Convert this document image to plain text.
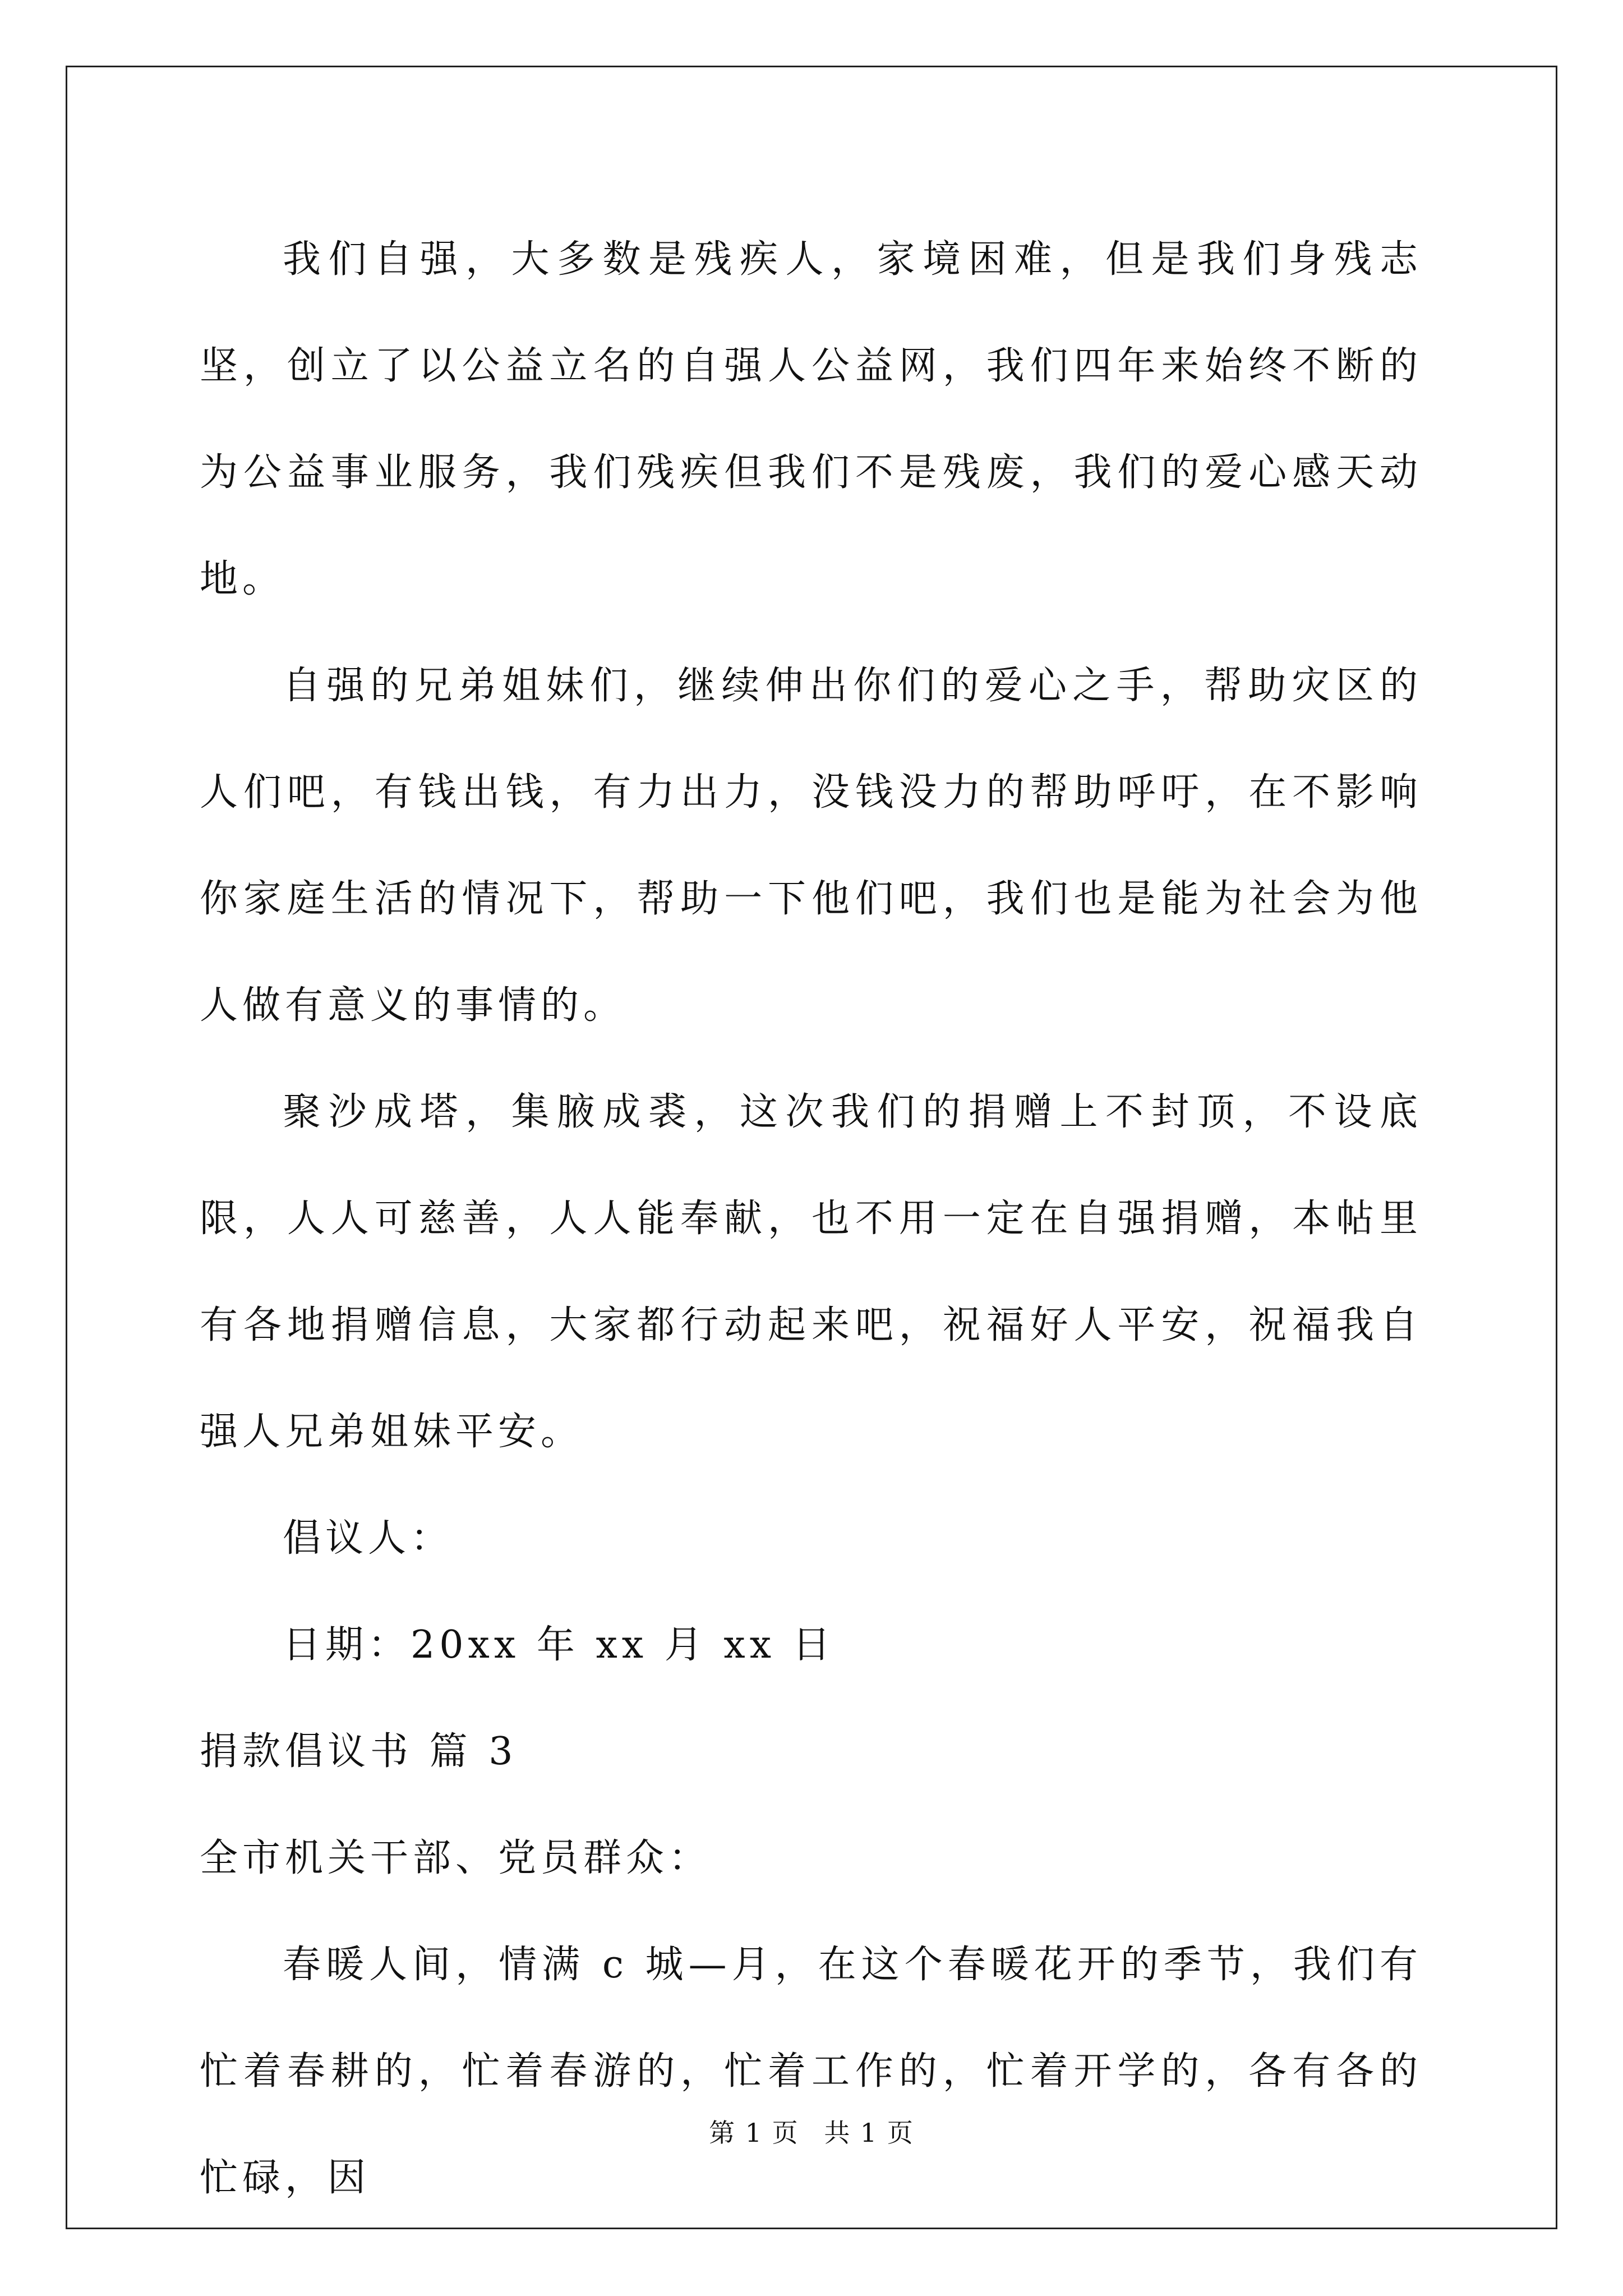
我们自强，大多数是残疾人，家境困难，但是我们身残志坚，创立了以公益立名的自强人公益网，我们四年来始终不断的为公益事业服务，我们残疾但我们不是残废，我们的爱心感天动地。

自强的兄弟姐妹们，继续伸出你们的爱心之手，帮助灾区的人们吧，有钱出钱，有力出力，没钱没力的帮助呼吁，在不影响你家庭生活的情况下，帮助一下他们吧，我们也是能为社会为他人做有意义的事情的。

聚沙成塔，集腋成裘，这次我们的捐赠上不封顶，不设底限，人人可慈善，人人能奉献，也不用一定在自强捐赠，本帖里有各地捐赠信息，大家都行动起来吧，祝福好人平安，祝福我自强人兄弟姐妹平安。

倡议人：

日期：20xx 年 xx 月 xx 日

捐款倡议书 篇 3

全市机关干部、党员群众：

春暖人间，情满 c 城—月，在这个春暖花开的季节，我们有忙着春耕的，忙着春游的，忙着工作的，忙着开学的，各有各的忙碌，因

第 1 页 共 1 页
